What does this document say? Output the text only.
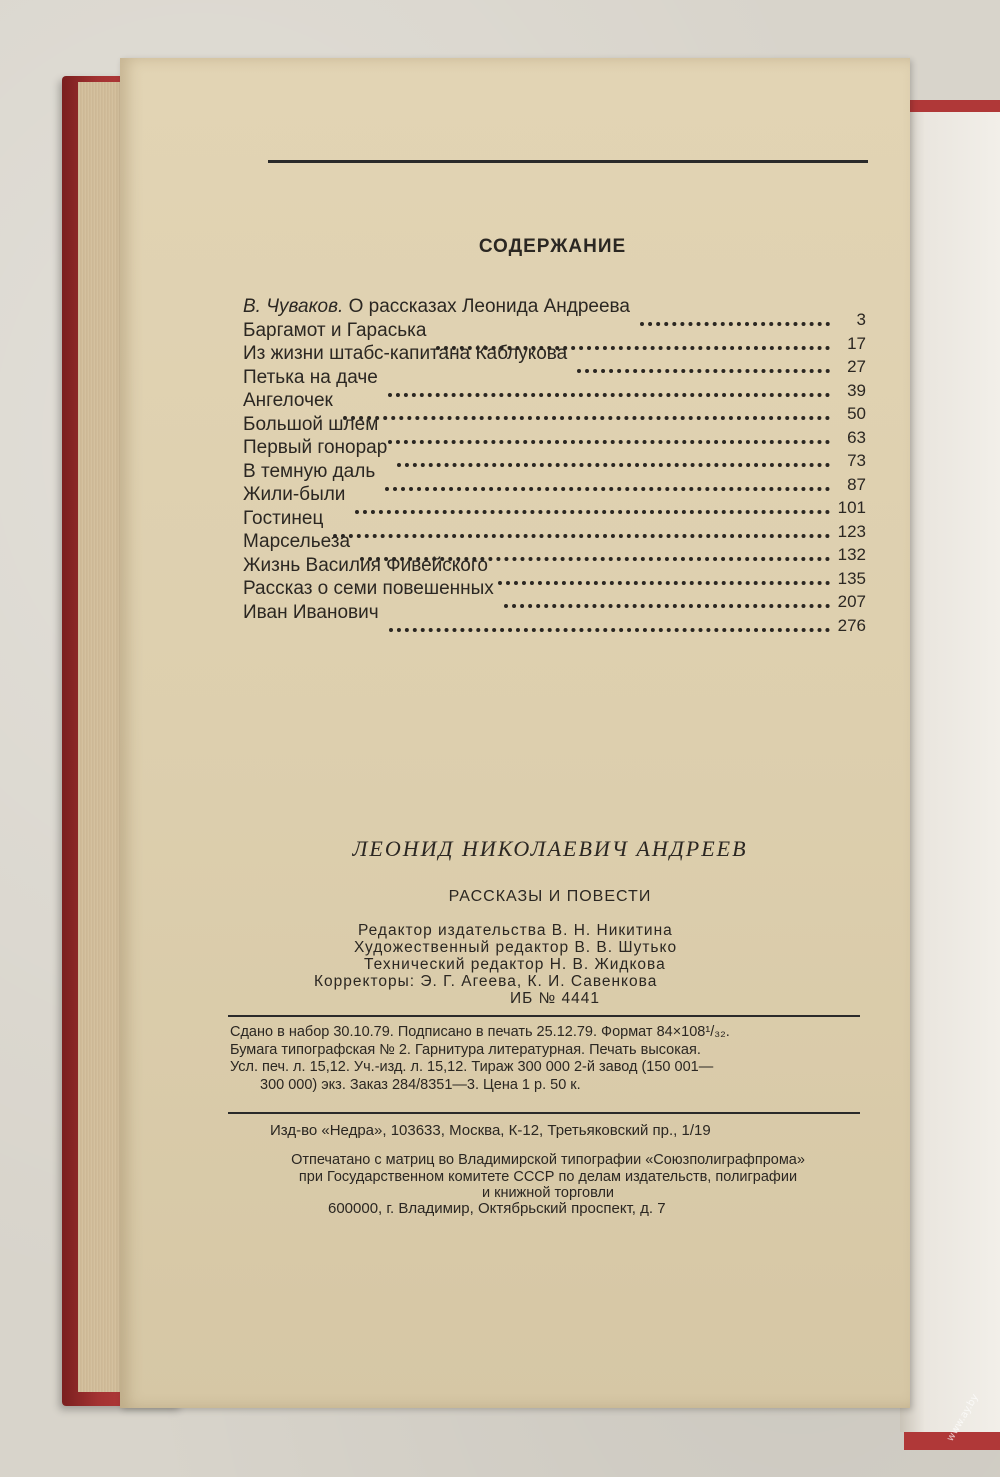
СОДЕРЖАНИЕ
В. Чуваков. О рассказах Леонида Андреева
3
Баргамот и Гараська
17
Из жизни штабс-капитана Каблукова
27
Петька на даче
39
Ангелочек
50
Большой шлем
63
Первый гонорар
73
В темную даль
87
Жили-были
101
Гостинец
123
Марсельеза
132
Жизнь Василия Фивейского
135
Рассказ о семи повешенных
207
Иван Иванович
276
ЛЕОНИД НИКОЛАЕВИЧ АНДРЕЕВ
РАССКАЗЫ И ПОВЕСТИ
Редактор издательства В. Н. Никитина
Художественный редактор В. В. Шутько
Технический редактор Н. В. Жидкова
Корректоры: Э. Г. Агеева, К. И. Савенкова
ИБ № 4441
Сдано в набор 30.10.79. Подписано в печать 25.12.79. Формат 84×108¹/₃₂.
Бумага типографская № 2. Гарнитура литературная. Печать высокая.
Усл. печ. л. 15,12. Уч.-изд. л. 15,12. Тираж 300 000 2-й завод (150 001—
300 000) экз. Заказ 284/8351—3. Цена 1 р. 50 к.
Изд-во «Недра», 103633, Москва, К-12, Третьяковский пр., 1/19
Отпечатано с матриц во Владимирской типографии «Союзполиграфпрома»
при Государственном комитете СССР по делам издательств, полиграфии
и книжной торговли
600000, г. Владимир, Октябрьский проспект, д. 7
www.ay.by
